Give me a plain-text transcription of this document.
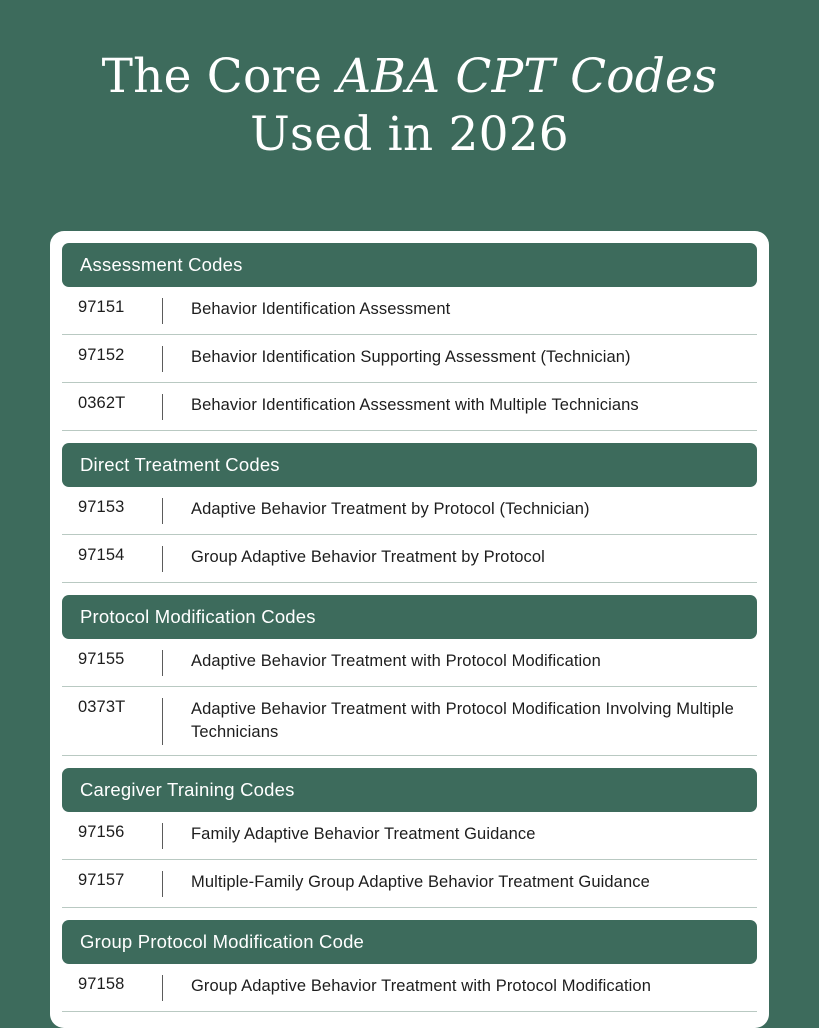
The Core ABA CPT Codes
Used in 2026
Assessment Codes
97151	Behavior Identification Assessment
97152	Behavior Identification Supporting Assessment (Technician)
0362T	Behavior Identification Assessment with Multiple Technicians
Direct Treatment Codes
97153	Adaptive Behavior Treatment by Protocol (Technician)
97154	Group Adaptive Behavior Treatment by Protocol
Protocol Modification Codes
97155	Adaptive Behavior Treatment with Protocol Modification
0373T	Adaptive Behavior Treatment with Protocol Modification Involving Multiple Technicians
Caregiver Training Codes
97156	Family Adaptive Behavior Treatment Guidance
97157	Multiple-Family Group Adaptive Behavior Treatment Guidance
Group Protocol Modification Code
97158	Group Adaptive Behavior Treatment with Protocol Modification
